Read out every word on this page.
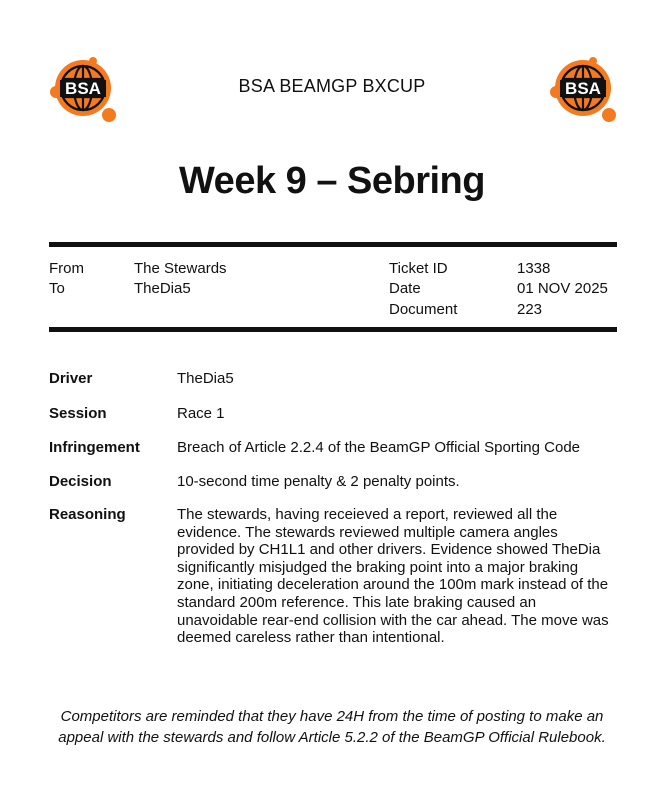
BSA	BSA BEAMGP BXCUP	BSA
Week 9 – Sebring
From	The Stewards
To	TheDia5
Ticket ID	1338
Date	01 NOV 2025
Document	223
Driver	TheDia5
Session	Race 1
Infringement Breach of Article 2.2.4 of the BeamGP Official Sporting Code
Decision	10-second time penalty & 2 penalty points.
Reasoning	The stewards, having receieved a report, reviewed all the evidence. The stewards reviewed multiple camera angles provided by CH1L1 and other drivers. Evidence showed TheDia significantly misjudged the braking point into a major braking zone, initiating deceleration around the 100m mark instead of the standard 200m reference. This late braking caused an unavoidable rear-end collision with the car ahead. The move was deemed careless rather than intentional.
Competitors are reminded that they have 24H from the time of posting to make an appeal with the stewards and follow Article 5.2.2 of the BeamGP Official Rulebook.
